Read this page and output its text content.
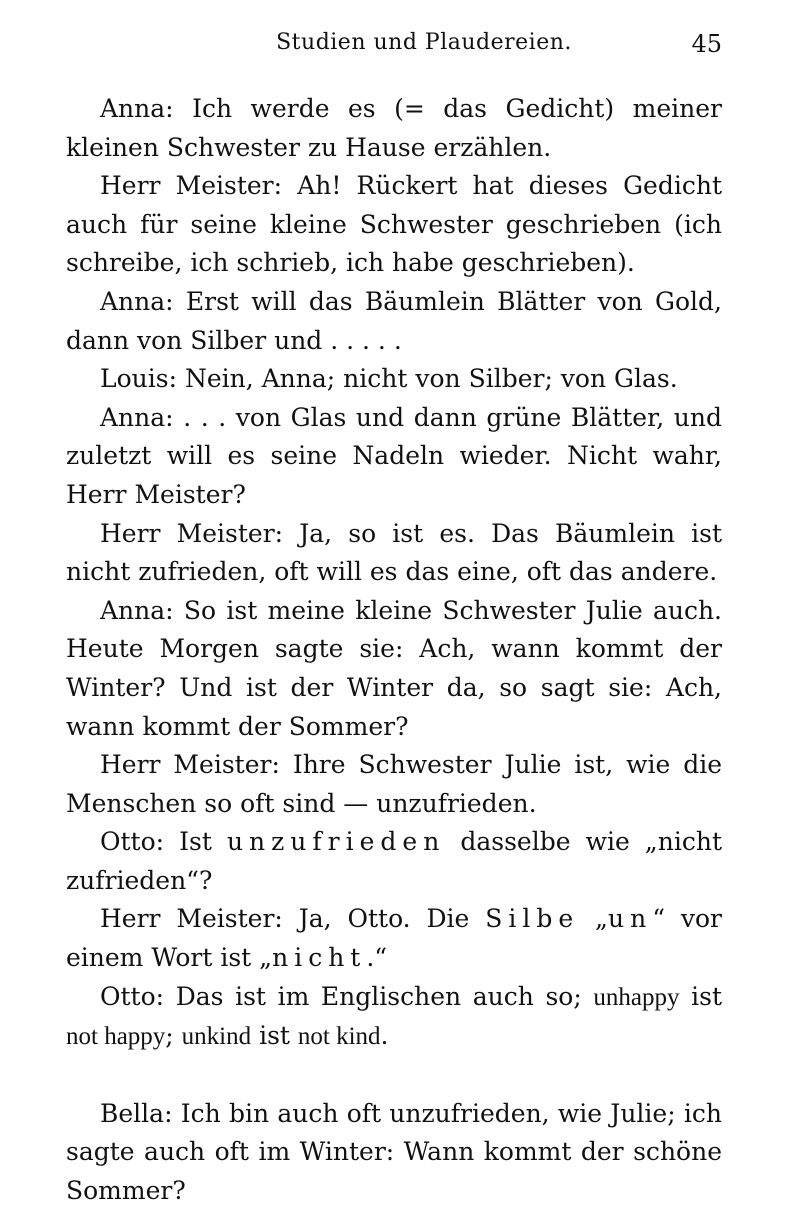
Studien und Plaudereien.	45

Anna: Ich werde es (= das Gedicht) meiner kleinen Schwester zu Hause erzählen.

Herr Meister: Ah! Rückert hat dieses Gedicht auch für seine kleine Schwester geschrieben (ich schreibe, ich schrieb, ich habe geschrieben).

Anna: Erst will das Bäumlein Blätter von Gold, dann von Silber und . . . . .

Louis: Nein, Anna; nicht von Silber; von Glas.

Anna: . . . von Glas und dann grüne Blätter, und zuletzt will es seine Nadeln wieder. Nicht wahr, Herr Meister?

Herr Meister: Ja, so ist es. Das Bäumlein ist nicht zufrieden, oft will es das eine, oft das andere.

Anna: So ist meine kleine Schwester Julie auch. Heute Morgen sagte sie: Ach, wann kommt der Winter? Und ist der Winter da, so sagt sie: Ach, wann kommt der Sommer?

Herr Meister: Ihre Schwester Julie ist, wie die Menschen so oft sind — unzufrieden.

Otto: Ist unzufrieden dasselbe wie „nicht zufrieden“?

Herr Meister: Ja, Otto. Die Silbe „un“ vor einem Wort ist „nicht.“

Otto: Das ist im Englischen auch so; unhappy ist not happy; unkind ist not kind.

Bella: Ich bin auch oft unzufrieden, wie Julie; ich sagte auch oft im Winter: Wann kommt der schöne Sommer?
